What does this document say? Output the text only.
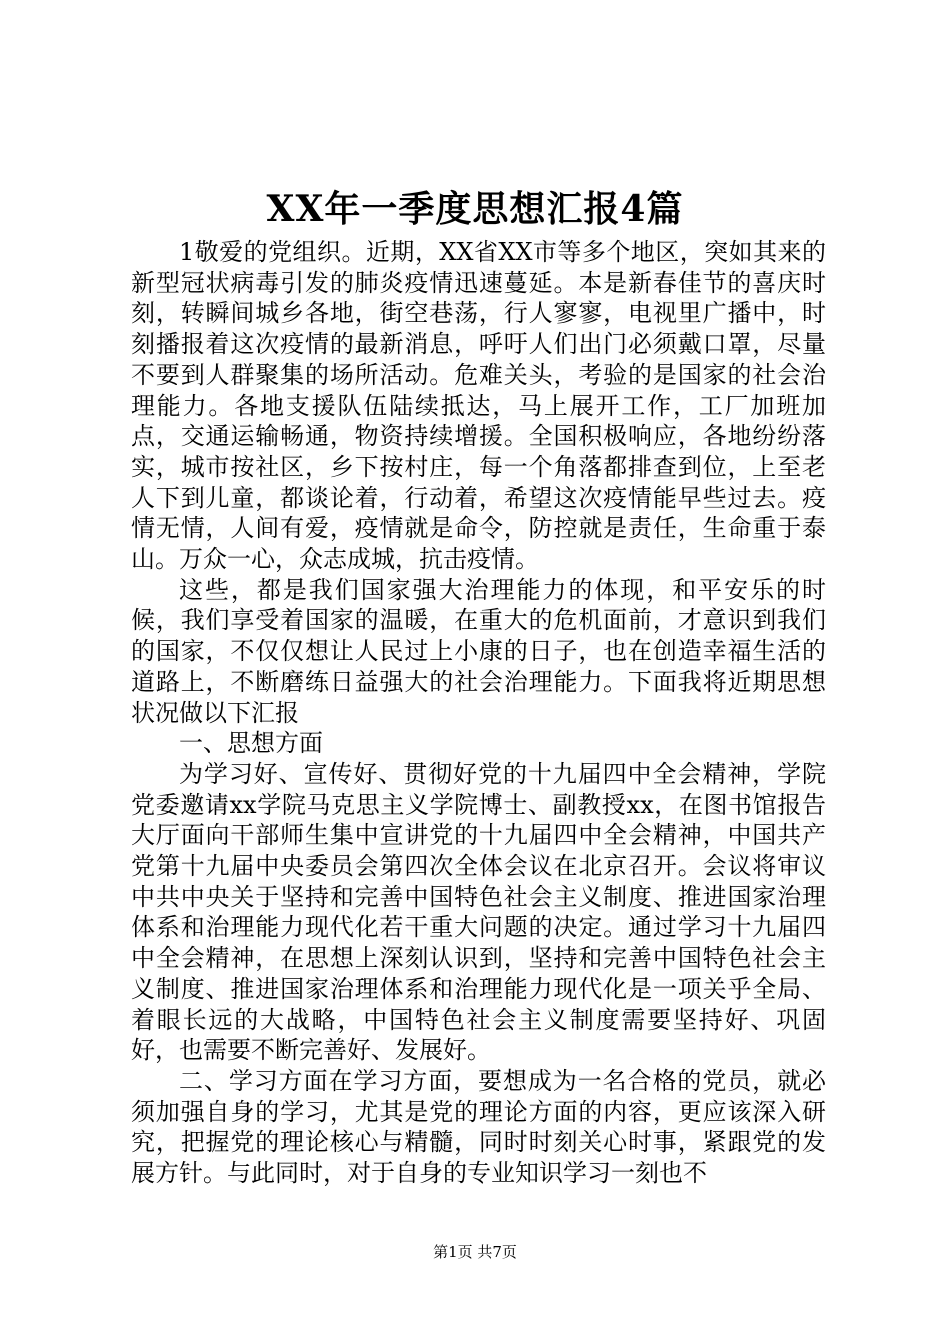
XX年一季度思想汇报4篇

1敬爱的党组织。近期，XX省XX市等多个地区，突如其来的新型冠状病毒引发的肺炎疫情迅速蔓延。本是新春佳节的喜庆时刻，转瞬间城乡各地，街空巷荡，行人寥寥，电视里广播中，时刻播报着这次疫情的最新消息，呼吁人们出门必须戴口罩，尽量不要到人群聚集的场所活动。危难关头，考验的是国家的社会治理能力。各地支援队伍陆续抵达，马上展开工作，工厂加班加点，交通运输畅通，物资持续增援。全国积极响应，各地纷纷落实，城市按社区，乡下按村庄，每一个角落都排查到位，上至老人下到儿童，都谈论着，行动着，希望这次疫情能早些过去。疫情无情，人间有爱，疫情就是命令，防控就是责任，生命重于泰山。万众一心，众志成城，抗击疫情。

这些，都是我们国家强大治理能力的体现，和平安乐的时候，我们享受着国家的温暖，在重大的危机面前，才意识到我们的国家，不仅仅想让人民过上小康的日子，也在创造幸福生活的道路上，不断磨练日益强大的社会治理能力。下面我将近期思想状况做以下汇报

一、思想方面

为学习好、宣传好、贯彻好党的十九届四中全会精神，学院党委邀请xx学院马克思主义学院博士、副教授xx，在图书馆报告大厅面向干部师生集中宣讲党的十九届四中全会精神，中国共产党第十九届中央委员会第四次全体会议在北京召开。会议将审议中共中央关于坚持和完善中国特色社会主义制度、推进国家治理体系和治理能力现代化若干重大问题的决定。通过学习十九届四中全会精神，在思想上深刻认识到，坚持和完善中国特色社会主义制度、推进国家治理体系和治理能力现代化是一项关乎全局、着眼长远的大战略，中国特色社会主义制度需要坚持好、巩固好，也需要不断完善好、发展好。

二、学习方面在学习方面，要想成为一名合格的党员，就必须加强自身的学习，尤其是党的理论方面的内容，更应该深入研究，把握党的理论核心与精髓，同时时刻关心时事，紧跟党的发展方针。与此同时，对于自身的专业知识学习一刻也不

第1页 共7页
